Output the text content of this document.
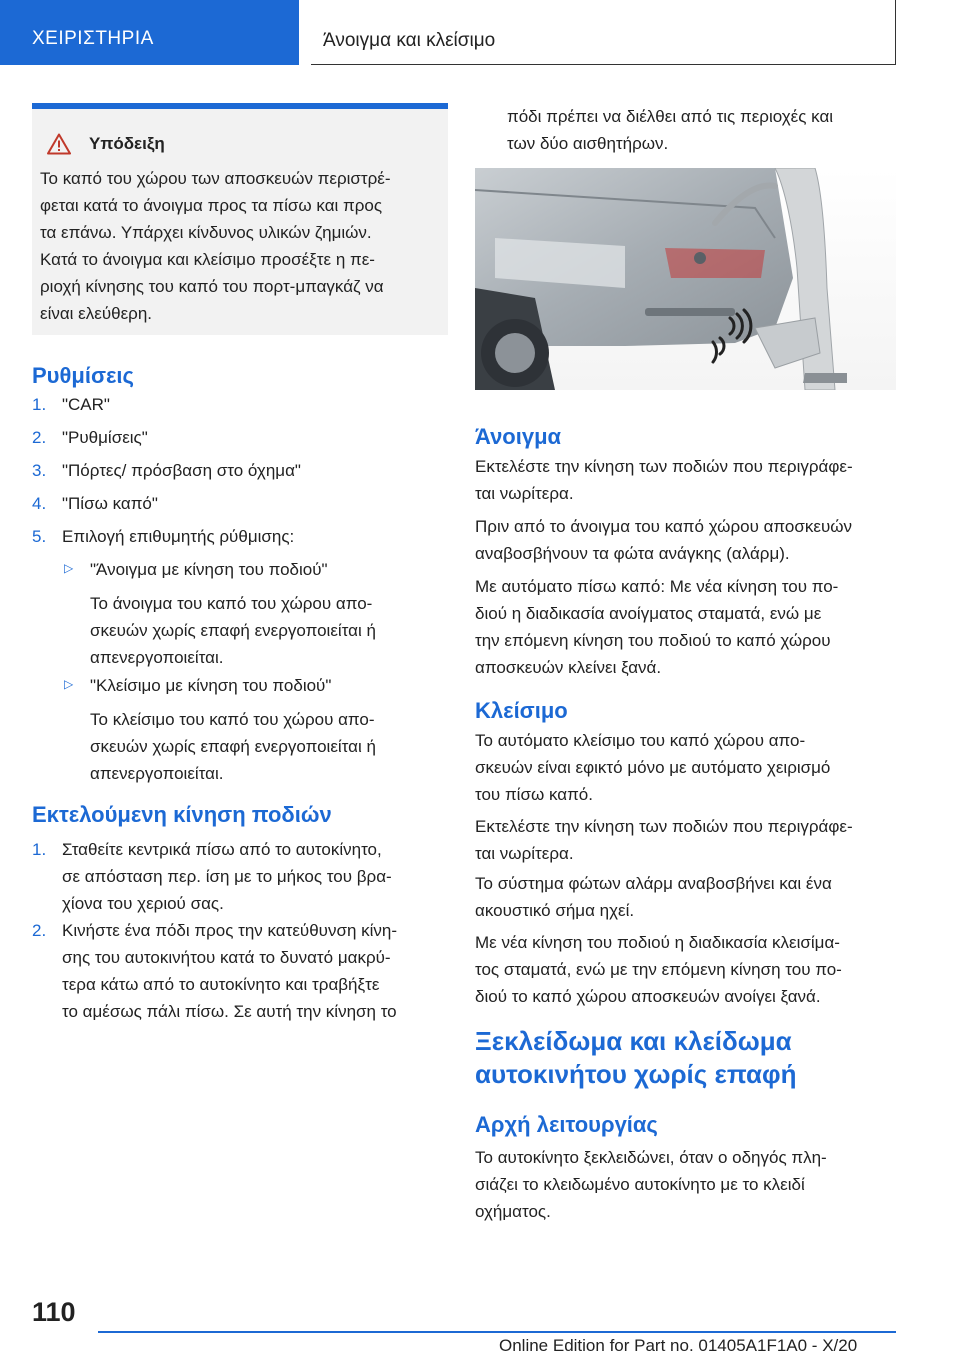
ΧΕΙΡΙΣΤΗΡΙΑ	Άνοιγμα και κλείσιμο
Υπόδειξη
Το καπό του χώρου των αποσκευών περιστρέ‐
φεται κατά το άνοιγμα προς τα πίσω και προς
τα επάνω. Υπάρχει κίνδυνος υλικών ζημιών.
Κατά το άνοιγμα και κλείσιμο προσέξτε η πε‐
ριοχή κίνησης του καπό του πορτ-μπαγκάζ να
είναι ελεύθερη.
Ρυθμίσεις
1. "CAR"
2. "Ρυθμίσεις"
3. "Πόρτες/ πρόσβαση στο όχημα"
4. "Πίσω καπό"
5. Επιλογή επιθυμητής ρύθμισης:
▷ "Άνοιγμα με κίνηση του ποδιού"
Το άνοιγμα του καπό του χώρου απο‐
σκευών χωρίς επαφή ενεργοποιείται ή
απενεργοποιείται.
▷ "Κλείσιμο με κίνηση του ποδιού"
Το κλείσιμο του καπό του χώρου απο‐
σκευών χωρίς επαφή ενεργοποιείται ή
απενεργοποιείται.
Εκτελούμενη κίνηση ποδιών
1. Σταθείτε κεντρικά πίσω από το αυτοκίνητο,
σε απόσταση περ. ίση με το μήκος του βρα‐
χίονα του χεριού σας.
2. Κινήστε ένα πόδι προς την κατεύθυνση κίνη‐
σης του αυτοκινήτου κατά το δυνατό μακρύ‐
τερα κάτω από το αυτοκίνητο και τραβήξτε
το αμέσως πάλι πίσω. Σε αυτή την κίνηση το
πόδι πρέπει να διέλθει από τις περιοχές και
των δύο αισθητήρων.
Άνοιγμα
Εκτελέστε την κίνηση των ποδιών που περιγράφε‐
ται νωρίτερα.
Πριν από το άνοιγμα του καπό χώρου αποσκευών
αναβοσβήνουν τα φώτα ανάγκης (αλάρμ).
Με αυτόματο πίσω καπό: Με νέα κίνηση του πο‐
διού η διαδικασία ανοίγματος σταματά, ενώ με
την επόμενη κίνηση του ποδιού το καπό χώρου
αποσκευών κλείνει ξανά.
Κλείσιμο
Το αυτόματο κλείσιμο του καπό χώρου απο‐
σκευών είναι εφικτό μόνο με αυτόματο χειρισμό
του πίσω καπό.
Εκτελέστε την κίνηση των ποδιών που περιγράφε‐
ται νωρίτερα.
Το σύστημα φώτων αλάρμ αναβοσβήνει και ένα
ακουστικό σήμα ηχεί.
Με νέα κίνηση του ποδιού η διαδικασία κλεισίμα‐
τος σταματά, ενώ με την επόμενη κίνηση του πο‐
διού το καπό χώρου αποσκευών ανοίγει ξανά.
Ξεκλείδωμα και κλείδωμα
αυτοκινήτου χωρίς επαφή
Αρχή λειτουργίας
Το αυτοκίνητο ξεκλειδώνει, όταν ο οδηγός πλη‐
σιάζει το κλειδωμένο αυτοκίνητο με το κλειδί
οχήματος.
110
Online Edition for Part no. 01405A1F1A0 - X/20
